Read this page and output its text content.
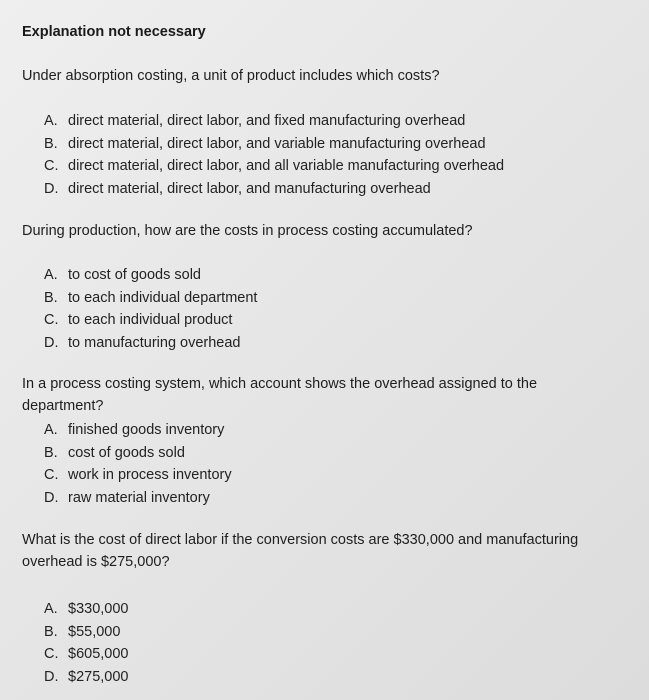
Explanation not necessary
Under absorption costing, a unit of product includes which costs?
A. direct material, direct labor, and fixed manufacturing overhead
B. direct material, direct labor, and variable manufacturing overhead
C. direct material, direct labor, and all variable manufacturing overhead
D. direct material, direct labor, and manufacturing overhead
During production, how are the costs in process costing accumulated?
A. to cost of goods sold
B. to each individual department
C. to each individual product
D. to manufacturing overhead
In a process costing system, which account shows the overhead assigned to the department?
A. finished goods inventory
B. cost of goods sold
C. work in process inventory
D. raw material inventory
What is the cost of direct labor if the conversion costs are $330,000 and manufacturing overhead is $275,000?
A. $330,000
B. $55,000
C. $605,000
D. $275,000
